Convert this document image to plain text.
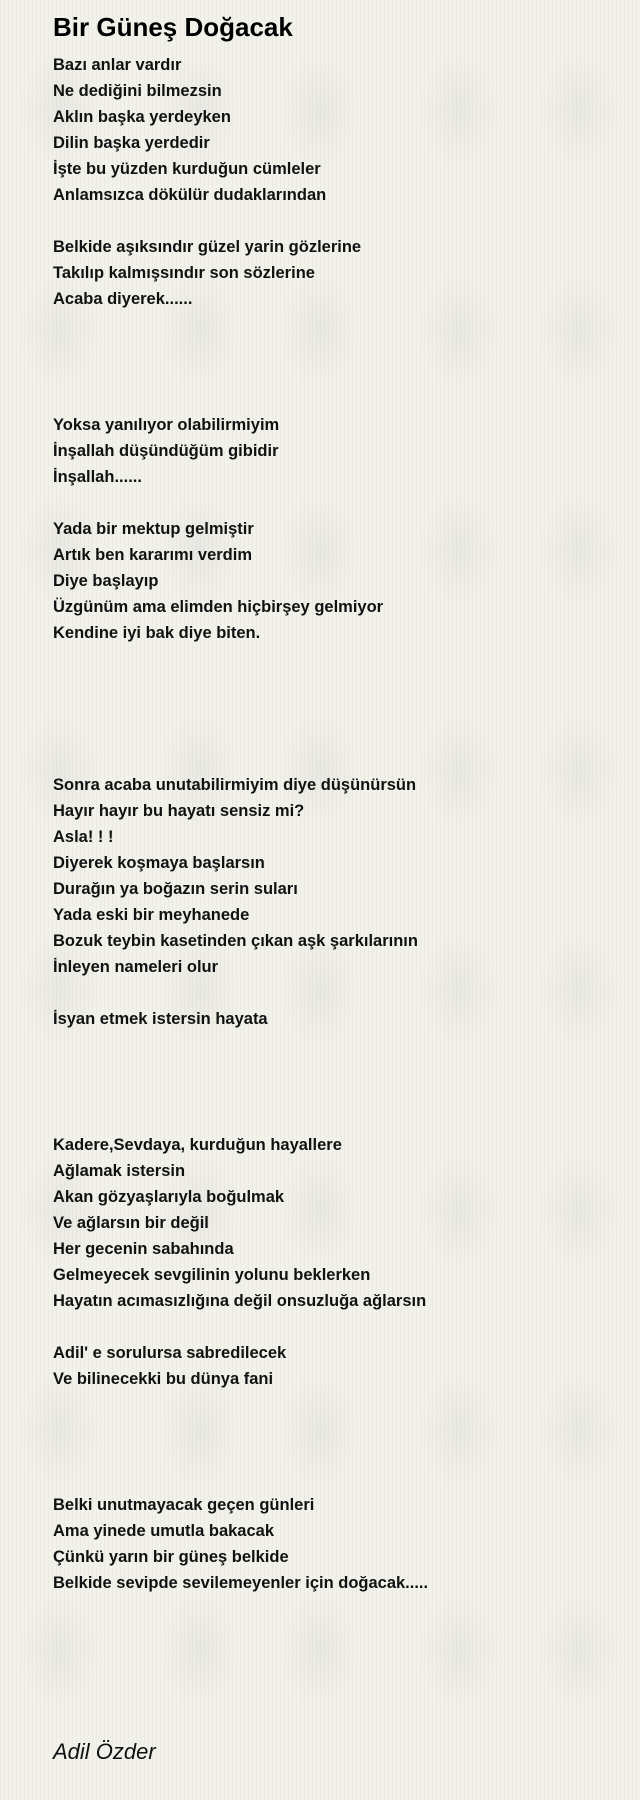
Bir Güneş Doğacak
Bazı anlar vardır
Ne dediğini bilmezsin
Aklın başka yerdeyken
Dilin başka yerdedir
İşte bu yüzden kurduğun cümleler
Anlamsızca dökülür dudaklarından
Belkide aşıksındır güzel yarin gözlerine
Takılıp kalmışsındır son sözlerine
Acaba diyerek......
Yoksa yanılıyor olabilirmiyim
İnşallah düşündüğüm gibidir
İnşallah......
Yada bir mektup gelmiştir
Artık ben kararımı verdim
Diye başlayıp
Üzgünüm ama elimden hiçbirşey gelmiyor
Kendine iyi bak diye biten.
Sonra acaba unutabilirmiyim diye düşünürsün
Hayır hayır bu hayatı sensiz mi?
Asla! ! !
Diyerek koşmaya başlarsın
Durağın ya boğazın serin suları
Yada eski bir meyhanede
Bozuk teybin kasetinden çıkan aşk şarkılarının
İnleyen nameleri olur
İsyan etmek istersin hayata
Kadere,Sevdaya, kurduğun hayallere
Ağlamak istersin
Akan gözyaşlarıyla boğulmak
Ve ağlarsın bir değil
Her gecenin sabahında
Gelmeyecek sevgilinin yolunu beklerken
Hayatın acımasızlığına değil onsuzluğa ağlarsın
Adil' e sorulursa sabredilecek
Ve bilinecekki bu dünya fani
Belki unutmayacak geçen günleri
Ama yinede umutla bakacak
Çünkü yarın bir güneş belkide
Belkide sevipde sevilemeyenler için doğacak.....
Adil Özder
